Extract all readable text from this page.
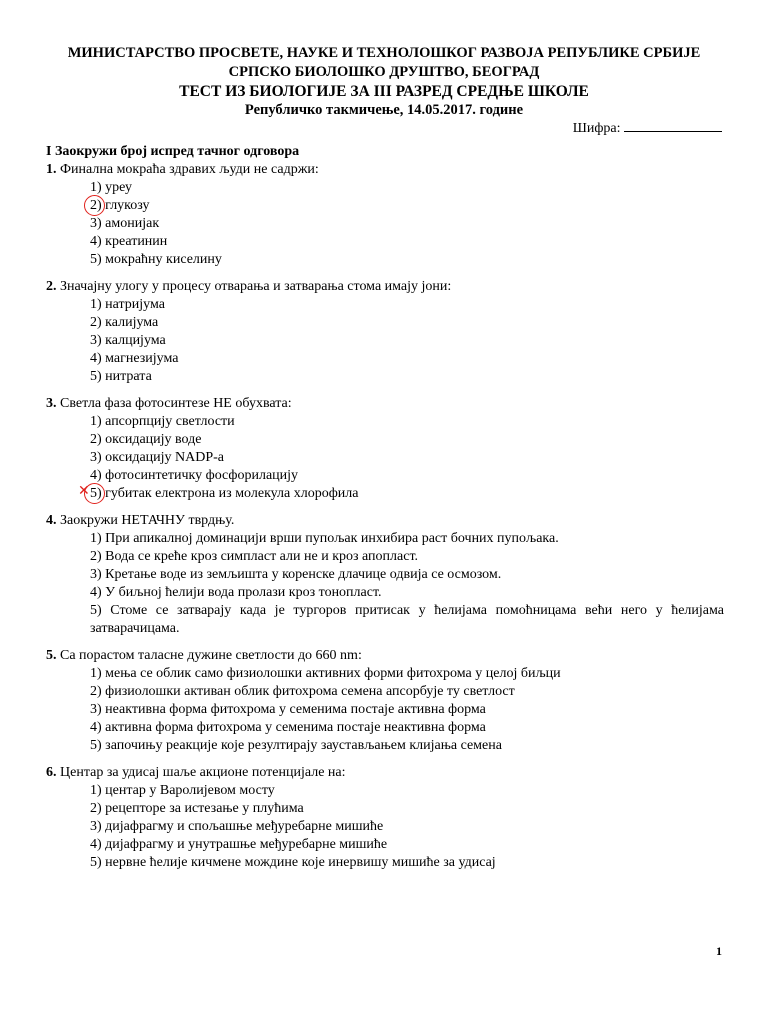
МИНИСТАРСТВО ПРОСВЕТЕ, НАУКЕ И ТЕХНОЛОШКОГ РАЗВОЈА РЕПУБЛИКЕ СРБИЈЕ
СРПСКО БИОЛОШКО ДРУШТВО, БЕОГРАД
ТЕСТ ИЗ БИОЛОГИЈЕ ЗА III РАЗРЕД СРЕДЊЕ ШКОЛЕ
Републичко такмичење, 14.05.2017. године
Шифра:
I Заокружи број испред тачног одговора
1. Финална мокраћа здравих људи не садржи:
1) уреу
2) глукозу
3) амонијак
4) креатинин
5) мокраћну киселину
2. Значајну улогу у процесу отварања и затварања стома имају јони:
1) натријума
2) калијума
3) калцијума
4) магнезијума
5) нитрата
3. Светла фаза фотосинтезе НЕ обухвата:
1) апсорпцију светлости
2) оксидацију воде
3) оксидацију NADP-а
4) фотосинтетичку фосфорилацију
✕ 5) губитак електрона из молекула хлорофила
4. Заокружи НЕТАЧНУ тврдњу.
1) При апикалној доминацији врши пупољак инхибира раст бочних пупољака.
2) Вода се креће кроз симпласт али не и кроз апопласт.
3) Кретање воде из земљишта у коренске длачице одвија се осмозом.
4) У биљној ћелији вода пролази кроз тонопласт.
5) Стоме се затварају када је тургоров притисак у ћелијама помоћницама већи него у ћелијама затварачицама.
5. Са порастом таласне дужине светлости до 660 nm:
1) мења се облик само физиолошки активних форми фитохрома у целој биљци
2) физиолошки активан облик фитохрома семена апсорбује ту светлост
3) неактивна форма фитохрома у семенима постаје активна форма
4) активна форма фитохрома у семенима постаје неактивна форма
5) започињу реакције које резултирају заустављањем клијања семена
6. Центар за удисај шаље акционе потенцијале на:
1) центар у Варолијевом мосту
2) рецепторе за истезање у плућима
3) дијафрагму и спољашње међуребарне мишиће
4) дијафрагму и унутрашње међуребарне мишиће
5) нервне ћелије кичмене мождине које инервишу мишиће за удисај
1
